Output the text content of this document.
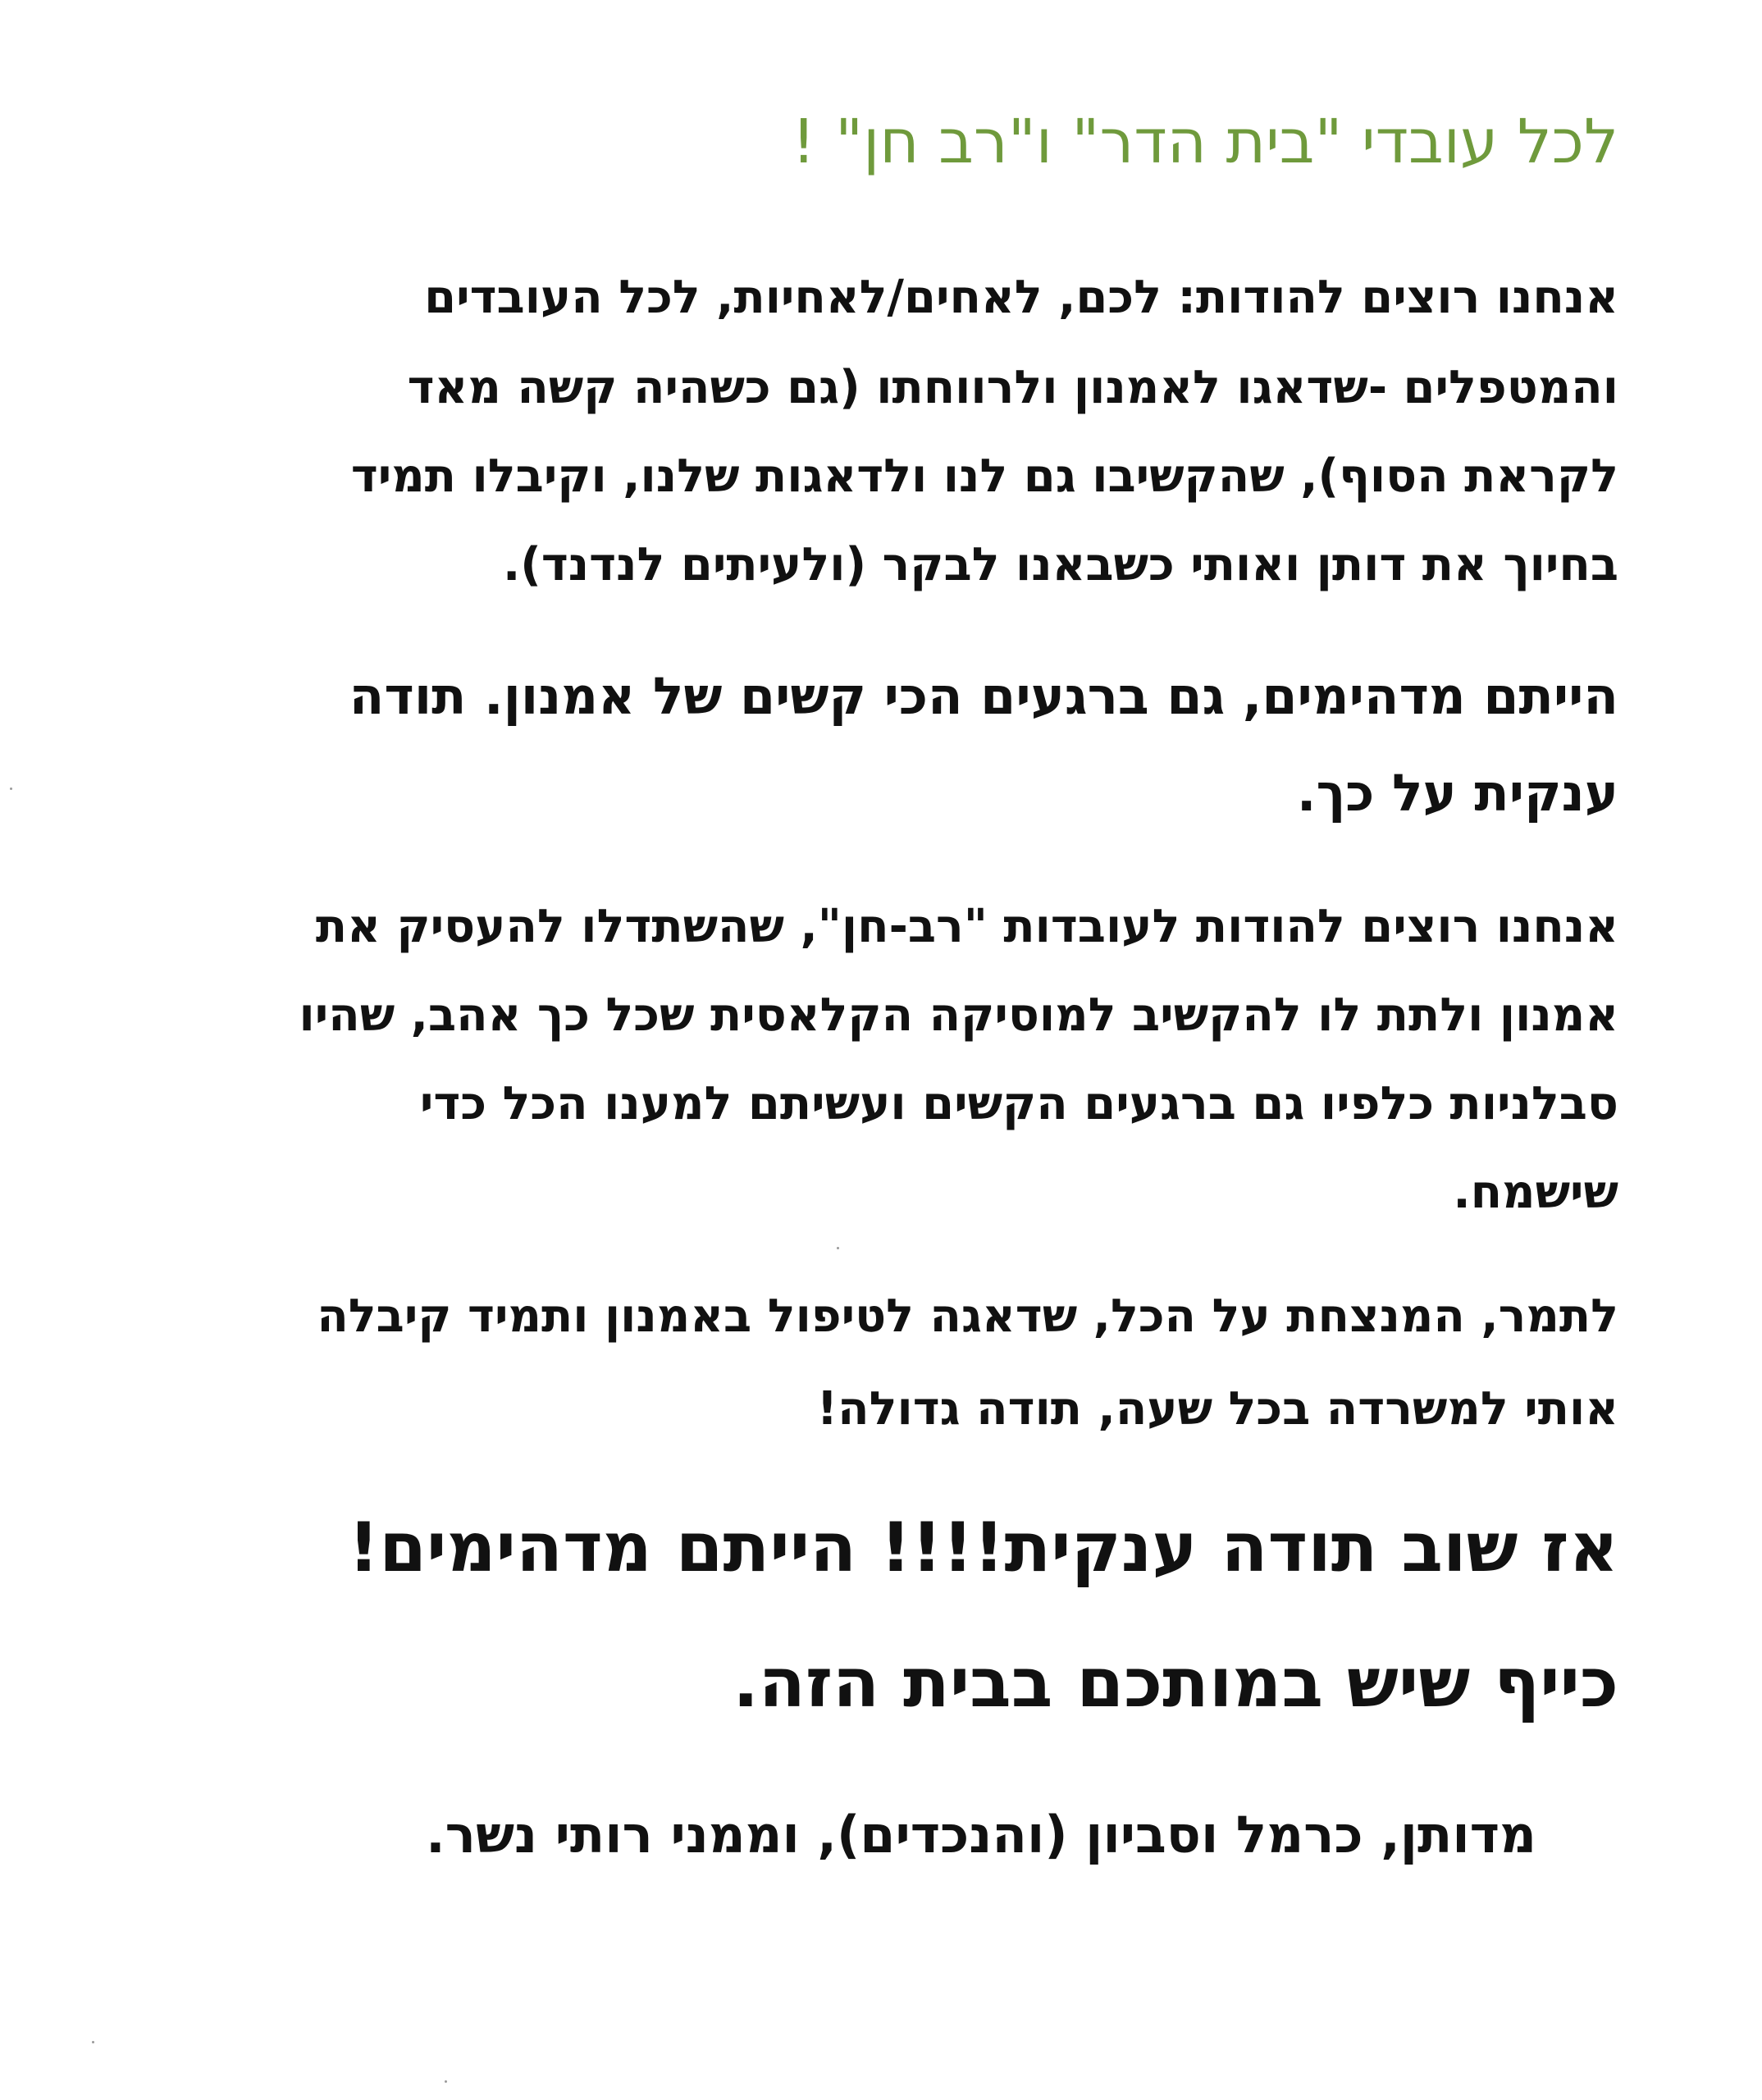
לכל עובדי "בית הדר" ו"רב חן" !

אנחנו רוצים להודות: לכם, לאחים/לאחיות, לכל העובדים

והמטפלים -שדאגו לאמנון ולרווחתו (גם כשהיה קשה מאד

לקראת הסוף), שהקשיבו גם לנו ולדאגות שלנו, וקיבלו תמיד

בחיוך את דותן ואותי כשבאנו לבקר (ולעיתים לנדנד).

הייתם מדהימים, גם ברגעים הכי קשים של אמנון. תודה

ענקית על כך.

אנחנו רוצים להודות לעובדות "רב-חן", שהשתדלו להעסיק את

אמנון ולתת לו להקשיב למוסיקה הקלאסית שכל כך אהב, שהיו

סבלניות כלפיו גם ברגעים הקשים ועשיתם למענו הכל כדי

שישמח.

לתמר, המנצחת על הכל, שדאגה לטיפול באמנון ותמיד קיבלה

אותי למשרדה בכל שעה, תודה גדולה!

אז שוב תודה ענקית!!!! הייתם מדהימים!

כייף שיש במותכם בבית הזה.

מדותן, כרמל וסביון (והנכדים), וממני רותי נשר.
